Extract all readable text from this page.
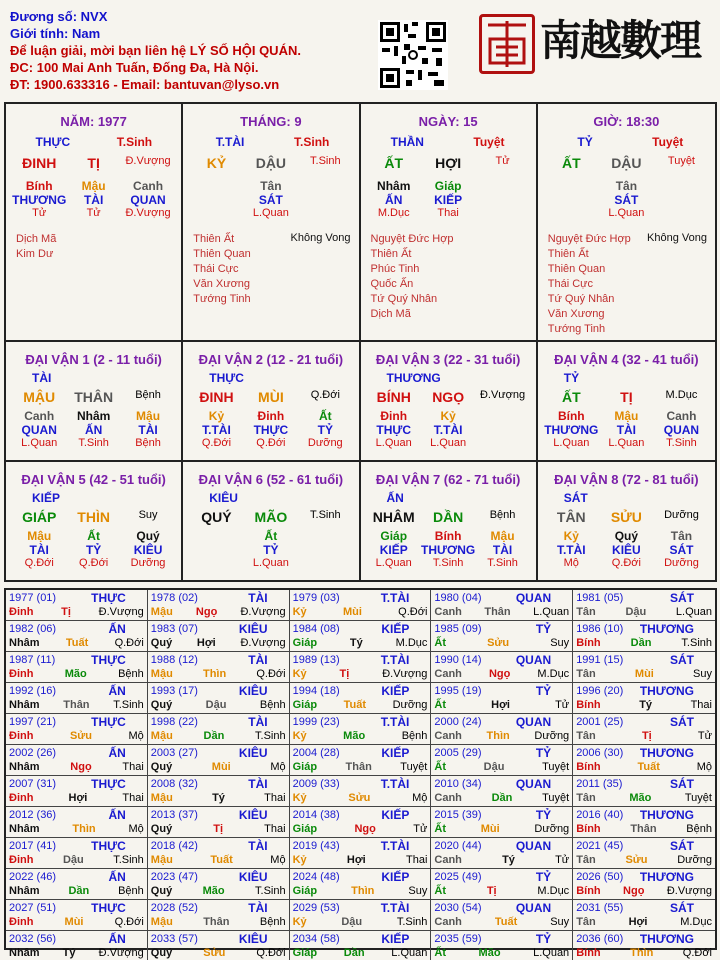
Đương số: NVX
Giới tính: Nam
Để luận giải, mời bạn liên hệ LÝ SỐ HỘI QUÁN.
ĐC: 100 Mai Anh Tuấn, Đống Đa, Hà Nội.
ĐT: 1900.633316 - Email: bantuvan@lyso.vn
南越數理
NĂM: 1977
THỰC	T.Sinh
ĐINH	TỊ	Đ.Vượng
Bính	Mậu	Canh
THƯƠNG	TÀI	QUAN
Tử	Tử	Đ.Vượng
Dịch Mã
Kim Dư
THÁNG: 9
T.TÀI	T.Sinh
KỶ	DẬU	T.Sinh
Tân
SÁT
L.Quan
Thiên Ất
Thiên Quan
Thái Cực
Văn Xương
Tướng Tinh
Không Vong
NGÀY: 15
THẦN	Tuyệt
ẤT	HỢI	Tử
Nhâm	Giáp
ẤN	KIẾP
M.Dục	Thai
Nguyệt Đức Hợp
Thiên Ất
Phúc Tinh
Quốc Ấn
Tứ Quý Nhân
Dịch Mã
GIỜ: 18:30
TỶ	Tuyệt
ẤT	DẬU	Tuyệt
Tân
SÁT
L.Quan
Nguyệt Đức Hợp
Thiên Ất
Thiên Quan
Thái Cực
Tứ Quý Nhân
Văn Xương
Tướng Tinh
Không Vong
ĐẠI VẬN 1 (2 - 11 tuổi)
TÀI
MẬU	THÂN	Bệnh
Canh	Nhâm	Mậu
QUAN	ẤN	TÀI
L.Quan	T.Sinh	Bệnh
ĐẠI VẬN 2 (12 - 21 tuổi)
THỰC
ĐINH	MÙI	Q.Đới
Kỷ	Đinh	Ất
T.TÀI	THỰC	TỶ
Q.Đới	Q.Đới	Dưỡng
ĐẠI VẬN 3 (22 - 31 tuổi)
THƯƠNG
BÍNH	NGỌ	Đ.Vượng
Đinh	Kỷ
THỰC	T.TÀI
L.Quan	L.Quan
ĐẠI VẬN 4 (32 - 41 tuổi)
TỶ
ẤT	TỊ	M.Dục
Bính	Mậu	Canh
THƯƠNG	TÀI	QUAN
L.Quan	L.Quan	T.Sinh
ĐẠI VẬN 5 (42 - 51 tuổi)
KIẾP
GIÁP	THÌN	Suy
Mậu	Ất	Quý
TÀI	TỶ	KIÊU
Q.Đới	Q.Đới	Dưỡng
ĐẠI VẬN 6 (52 - 61 tuổi)
KIÊU
QUÝ	MÃO	T.Sinh
Ất
TỶ
L.Quan
ĐẠI VẬN 7 (62 - 71 tuổi)
ẤN
NHÂM	DẦN	Bệnh
Giáp	Bính	Mậu
KIẾP	THƯƠNG	TÀI
L.Quan	T.Sinh	T.Sinh
ĐẠI VẬN 8 (72 - 81 tuổi)
SÁT
TÂN	SỬU	Dưỡng
Kỷ	Quý	Tân
T.TÀI	KIÊU	SÁT
Mộ	Q.Đới	Dưỡng
1977 (01)	THỰC
Đinh	Tị	Đ.Vượng
1978 (02)	TÀI
Mậu Ngọ Đ.Vượng
1979 (03)	T.TÀI
Kỷ	Mùi	Q.Đới
1980 (04)	QUAN
Canh Thân L.Quan
1981 (05)	SÁT
Tân	Dậu	L.Quan
1982 (06)	ẤN
Nhâm Tuất Q.Đới
1983 (07)	KIÊU
Quý Hợi Đ.Vượng
1984 (08)	KIẾP
Giáp	Tý	M.Dục
1985 (09)	TỶ
Ất	Sửu	Suy
1986 (10) THƯƠNG
Bính	Dần	T.Sinh
1987 (11)	THỰC
Đinh	Mão	Bệnh
1988 (12)	TÀI
Mậu	Thìn	Q.Đới
1989 (13)	T.TÀI
Kỷ	Tị	Đ.Vượng
1990 (14)	QUAN
Canh Ngọ M.Dục
1991 (15)	SÁT
Tân	Mùi	Suy
1992 (16)	ẤN
Nhâm Thân T.Sinh
1993 (17)	KIÊU
Quý	Dậu	Bệnh
1994 (18)	KIẾP
Giáp Tuất Dưỡng
1995 (19)	TỶ
Ất	Hợi	Tử
1996 (20) THƯƠNG
Bính	Tý	Thai
1997 (21)	THỰC
Đinh	Sửu	Mộ
1998 (22)	TÀI
Mậu	Dần	T.Sinh
1999 (23)	T.TÀI
Kỷ	Mão	Bệnh
2000 (24)	QUAN
Canh Thìn Dưỡng
2001 (25)	SÁT
Tân	Tị	Tử
2002 (26)	ẤN
Nhâm	Ngọ	Thai
2003 (27)	KIÊU
Quý	Mùi	Mộ
2004 (28)	KIẾP
Giáp	Thân	Tuyệt
2005 (29)	TỶ
Ất	Dậu	Tuyệt
2006 (30) THƯƠNG
Bính	Tuất	Mộ
2007 (31)	THỰC
Đinh	Hợi	Thai
2008 (32)	TÀI
Mậu	Tý	Thai
2009 (33)	T.TÀI
Kỷ	Sửu	Mộ
2010 (34)	QUAN
Canh	Dần	Tuyệt
2011 (35)	SÁT
Tân	Mão	Tuyệt
2012 (36)	ẤN
Nhâm	Thìn	Mộ
2013 (37)	KIÊU
Quý	Tị	Thai
2014 (38)	KIẾP
Giáp	Ngọ	Tử
2015 (39)	TỶ
Ất	Mùi	Dưỡng
2016 (40) THƯƠNG
Bính	Thân	Bệnh
2017 (41)	THỰC
Đinh	Dậu	T.Sinh
2018 (42)	TÀI
Mậu	Tuất	Mộ
2019 (43)	T.TÀI
Kỷ	Hợi	Thai
2020 (44)	QUAN
Canh	Tý	Tử
2021 (45)	SÁT
Tân	Sửu	Dưỡng
2022 (46)	ẤN
Nhâm	Dần	Bệnh
2023 (47)	KIÊU
Quý	Mão	T.Sinh
2024 (48)	KIẾP
Giáp	Thìn	Suy
2025 (49)	TỶ
Ất	Tị	M.Dục
2026 (50) THƯƠNG
Bính Ngọ Đ.Vượng
2027 (51)	THỰC
Đinh	Mùi	Q.Đới
2028 (52)	TÀI
Mậu	Thân	Bệnh
2029 (53)	T.TÀI
Kỷ	Dậu	T.Sinh
2030 (54)	QUAN
Canh	Tuất	Suy
2031 (55)	SÁT
Tân	Hợi	M.Dục
2032 (56)	ẤN
Nhâm Tý Đ.Vượng
2033 (57)	KIÊU
Quý	Sửu	Q.Đới
2034 (58)	KIẾP
Giáp Dần L.Quan
2035 (59)	TỶ
Ất	Mão	L.Quan
2036 (60) THƯƠNG
Bính	Thìn	Q.Đới
